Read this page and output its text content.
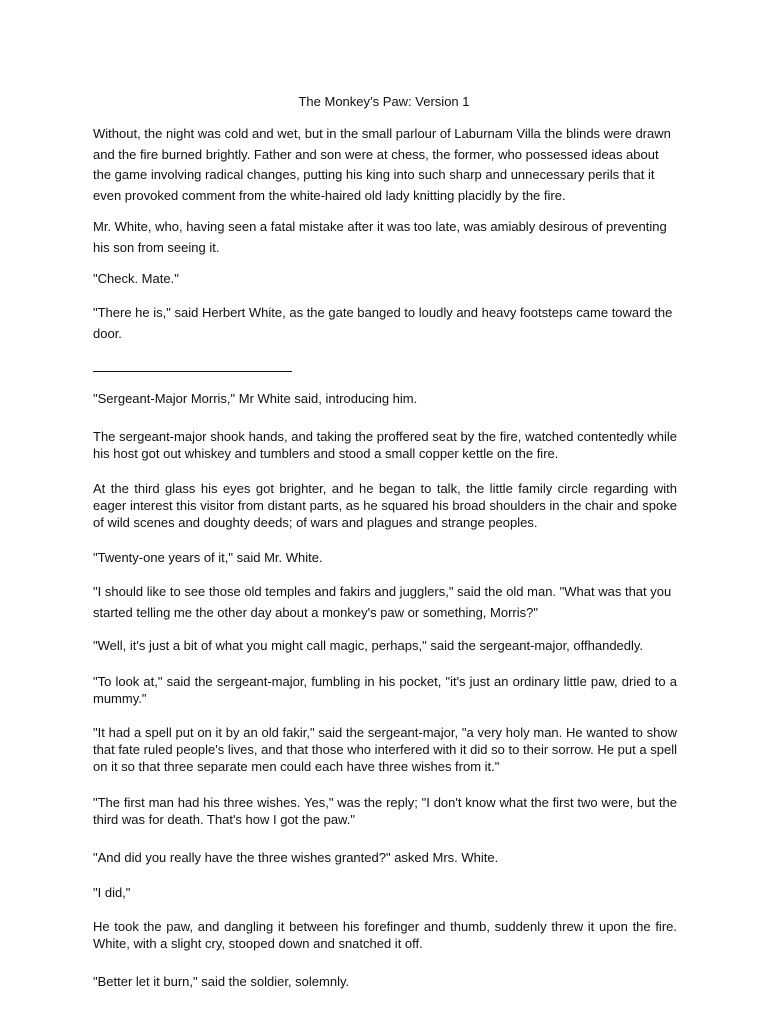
The Monkey’s Paw: Version 1

Without, the night was cold and wet, but in the small parlour of Laburnam Villa the blinds were drawn and the fire burned brightly. Father and son were at chess, the former, who possessed ideas about the game involving radical changes, putting his king into such sharp and unnecessary perils that it even provoked comment from the white-haired old lady knitting placidly by the fire.

Mr. White, who, having seen a fatal mistake after it was too late, was amiably desirous of preventing his son from seeing it.

"Check. Mate."

"There he is," said Herbert White, as the gate banged to loudly and heavy footsteps came toward the door.

"Sergeant-Major Morris," Mr White said, introducing him.

The sergeant-major shook hands, and taking the proffered seat by the fire, watched contentedly while his host got out whiskey and tumblers and stood a small copper kettle on the fire.

At the third glass his eyes got brighter, and he began to talk, the little family circle regarding with eager interest this visitor from distant parts, as he squared his broad shoulders in the chair and spoke of wild scenes and doughty deeds; of wars and plagues and strange peoples.

"Twenty-one years of it," said Mr. White.

"I should like to see those old temples and fakirs and jugglers," said the old man. "What was that you started telling me the other day about a monkey's paw or something, Morris?"

"Well, it's just a bit of what you might call magic, perhaps," said the sergeant-major, offhandedly.

"To look at," said the sergeant-major, fumbling in his pocket, "it's just an ordinary little paw, dried to a mummy."

"It had a spell put on it by an old fakir," said the sergeant-major, "a very holy man. He wanted to show that fate ruled people's lives, and that those who interfered with it did so to their sorrow. He put a spell on it so that three separate men could each have three wishes from it."

"The first man had his three wishes. Yes," was the reply; "I don't know what the first two were, but the third was for death. That's how I got the paw."

"And did you really have the three wishes granted?" asked Mrs. White.

"I did,"

He took the paw, and dangling it between his forefinger and thumb, suddenly threw it upon the fire. White, with a slight cry, stooped down and snatched it off.

"Better let it burn," said the soldier, solemnly.
